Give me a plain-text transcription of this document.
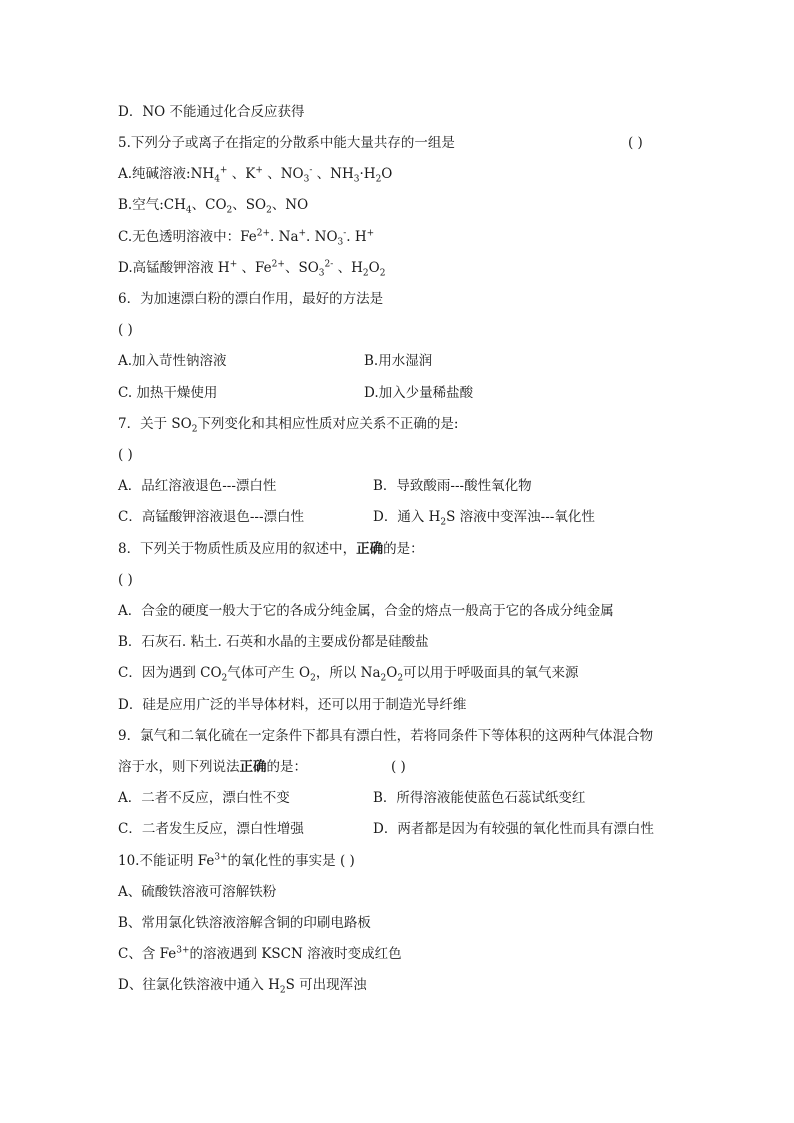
D．NO 不能通过化合反应获得
5.下列分子或离子在指定的分散系中能大量共存的一组是	( )
A.纯碱溶液$:NH_4^+$ 、K+ 、$NO_3^-$ 、$NH_3\cdot H_2O$
B.空气$:CH_4$、$CO_2$、$SO_2$、NO
C.无色透明溶液中：$Fe^{2+}$. Na+. $NO_3^-$. H+
D.高锰酸钾溶液 H+ 、$Fe^{2+}$、$SO_3^{2-}$ 、$H_2O_2$
6．为加速漂白粉的漂白作用，最好的方法是
( )
A.加入苛性钠溶液	B.用水湿润
C. 加热干燥使用	D.加入少量稀盐酸
7．关于 $SO_2$下列变化和其相应性质对应关系不正确的是:
( )
A．品红溶液退色---漂白性	B．导致酸雨---酸性氧化物
C．高锰酸钾溶液退色---漂白性	D．通入 $H_2S$ 溶液中变浑浊---氧化性
8．下列关于物质性质及应用的叙述中，正确的是：
( )
A．合金的硬度一般大于它的各成分纯金属，合金的熔点一般高于它的各成分纯金属
B．石灰石. 粘土. 石英和水晶的主要成份都是硅酸盐
C．因为遇到 $CO_2$气体可产生 $O_2$，所以 $Na_2O_2$可以用于呼吸面具的氧气来源
D．硅是应用广泛的半导体材料，还可以用于制造光导纤维
9．氯气和二氧化硫在一定条件下都具有漂白性，若将同条件下等体积的这两种气体混合物
溶于水，则下列说法正确的是：	( )
A．二者不反应，漂白性不变	B．所得溶液能使蓝色石蕊试纸变红
C．二者发生反应，漂白性增强	D．两者都是因为有较强的氧化性而具有漂白性
10.不能证明 $Fe^{3+}$的氧化性的事实是 ( )
A、硫酸铁溶液可溶解铁粉
B、常用氯化铁溶液溶解含铜的印刷电路板
C、含 $Fe^{3+}$的溶液遇到 KSCN 溶液时变成红色
D、往氯化铁溶液中通入 $H_2S$ 可出现浑浊
